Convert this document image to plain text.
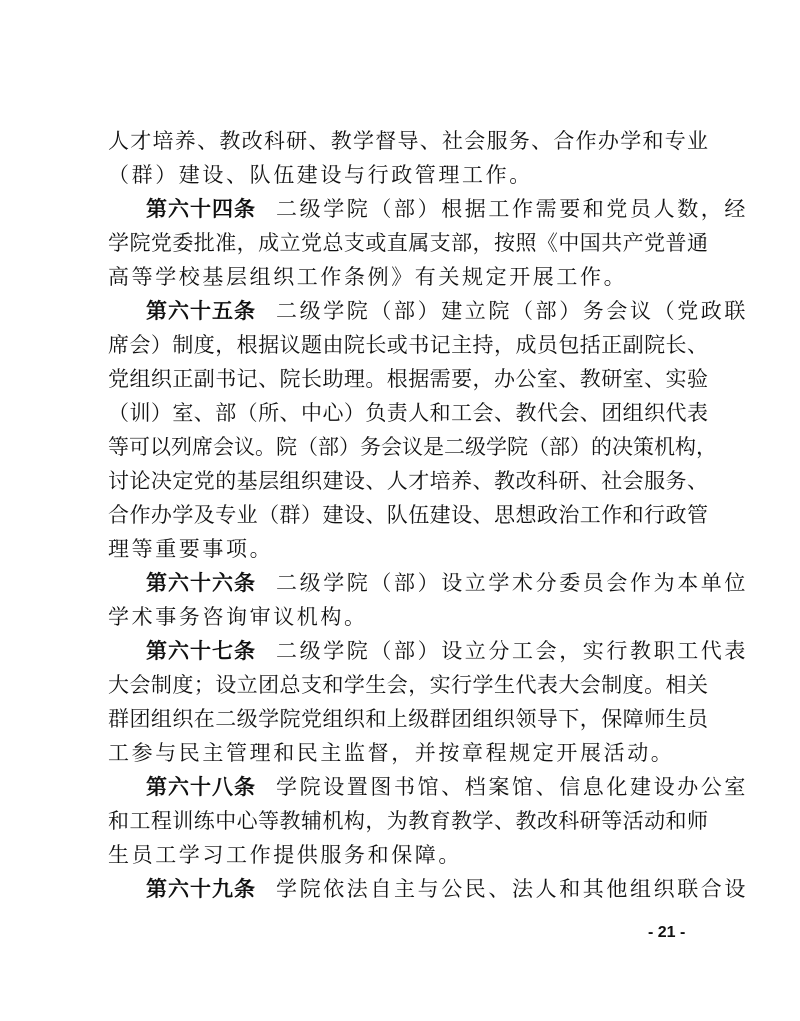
人才培养、教改科研、教学督导、社会服务、合作办学和专业
（群）建设、队伍建设与行政管理工作。
第六十四条 二级学院（部）根据工作需要和党员人数，经
学院党委批准，成立党总支或直属支部，按照《中国共产党普通
高等学校基层组织工作条例》有关规定开展工作。
第六十五条 二级学院（部）建立院（部）务会议（党政联
席会）制度，根据议题由院长或书记主持，成员包括正副院长、
党组织正副书记、院长助理。根据需要，办公室、教研室、实验
（训）室、部（所、中心）负责人和工会、教代会、团组织代表
等可以列席会议。院（部）务会议是二级学院（部）的决策机构，
讨论决定党的基层组织建设、人才培养、教改科研、社会服务、
合作办学及专业（群）建设、队伍建设、思想政治工作和行政管
理等重要事项。
第六十六条 二级学院（部）设立学术分委员会作为本单位
学术事务咨询审议机构。
第六十七条 二级学院（部）设立分工会，实行教职工代表
大会制度；设立团总支和学生会，实行学生代表大会制度。相关
群团组织在二级学院党组织和上级群团组织领导下，保障师生员
工参与民主管理和民主监督，并按章程规定开展活动。
第六十八条 学院设置图书馆、档案馆、信息化建设办公室
和工程训练中心等教辅机构，为教育教学、教改科研等活动和师
生员工学习工作提供服务和保障。
第六十九条 学院依法自主与公民、法人和其他组织联合设
- 21 -
